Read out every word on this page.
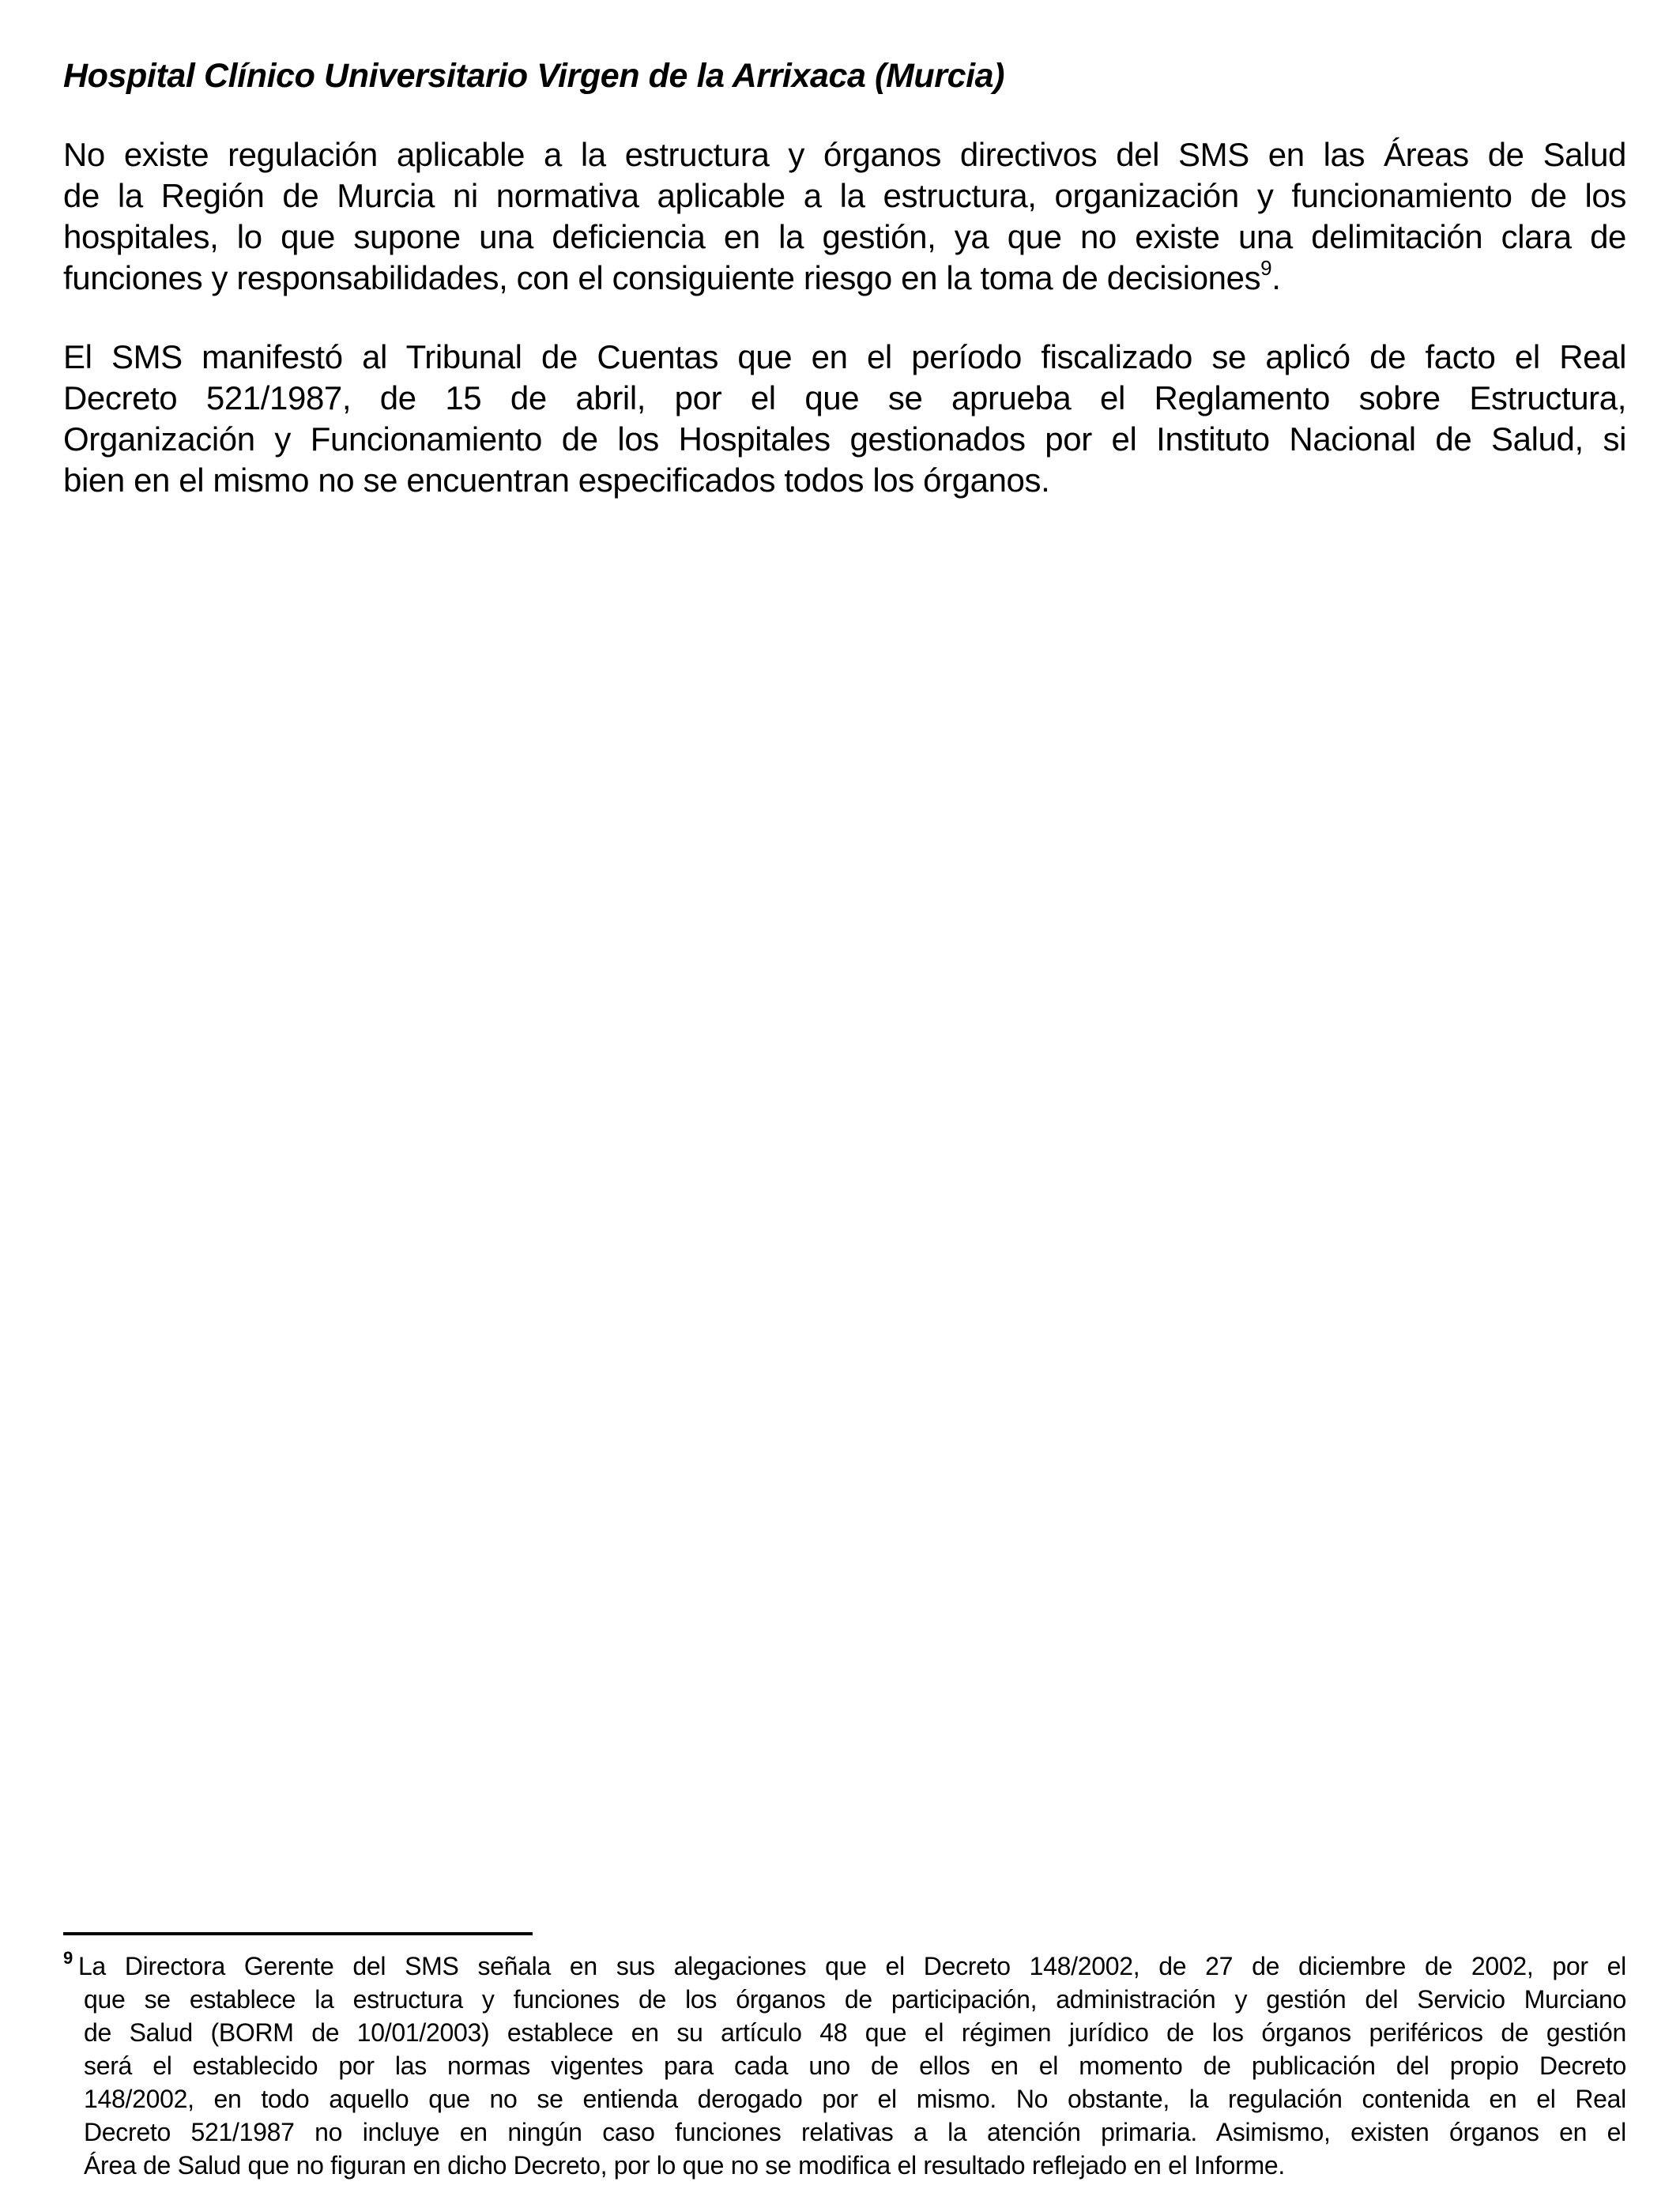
Hospital Clínico Universitario Virgen de la Arrixaca (Murcia)
No existe regulación aplicable a la estructura y órganos directivos del SMS en las Áreas de Salud
de la Región de Murcia ni normativa aplicable a la estructura, organización y funcionamiento de los
hospitales, lo que supone una deficiencia en la gestión, ya que no existe una delimitación clara de
funciones y responsabilidades, con el consiguiente riesgo en la toma de decisiones$^9$.
El SMS manifestó al Tribunal de Cuentas que en el período fiscalizado se aplicó de facto el Real
Decreto 521/1987, de 15 de abril, por el que se aprueba el Reglamento sobre Estructura,
Organización y Funcionamiento de los Hospitales gestionados por el Instituto Nacional de Salud, si
bien en el mismo no se encuentran especificados todos los órganos.
$^9$ La Directora Gerente del SMS señala en sus alegaciones que el Decreto 148/2002, de 27 de diciembre de 2002, por el
que se establece la estructura y funciones de los órganos de participación, administración y gestión del Servicio Murciano
de Salud (BORM de 10/01/2003) establece en su artículo 48 que el régimen jurídico de los órganos periféricos de gestión
será el establecido por las normas vigentes para cada uno de ellos en el momento de publicación del propio Decreto
148/2002, en todo aquello que no se entienda derogado por el mismo. No obstante, la regulación contenida en el Real
Decreto 521/1987 no incluye en ningún caso funciones relativas a la atención primaria. Asimismo, existen órganos en el
Área de Salud que no figuran en dicho Decreto, por lo que no se modifica el resultado reflejado en el Informe.
